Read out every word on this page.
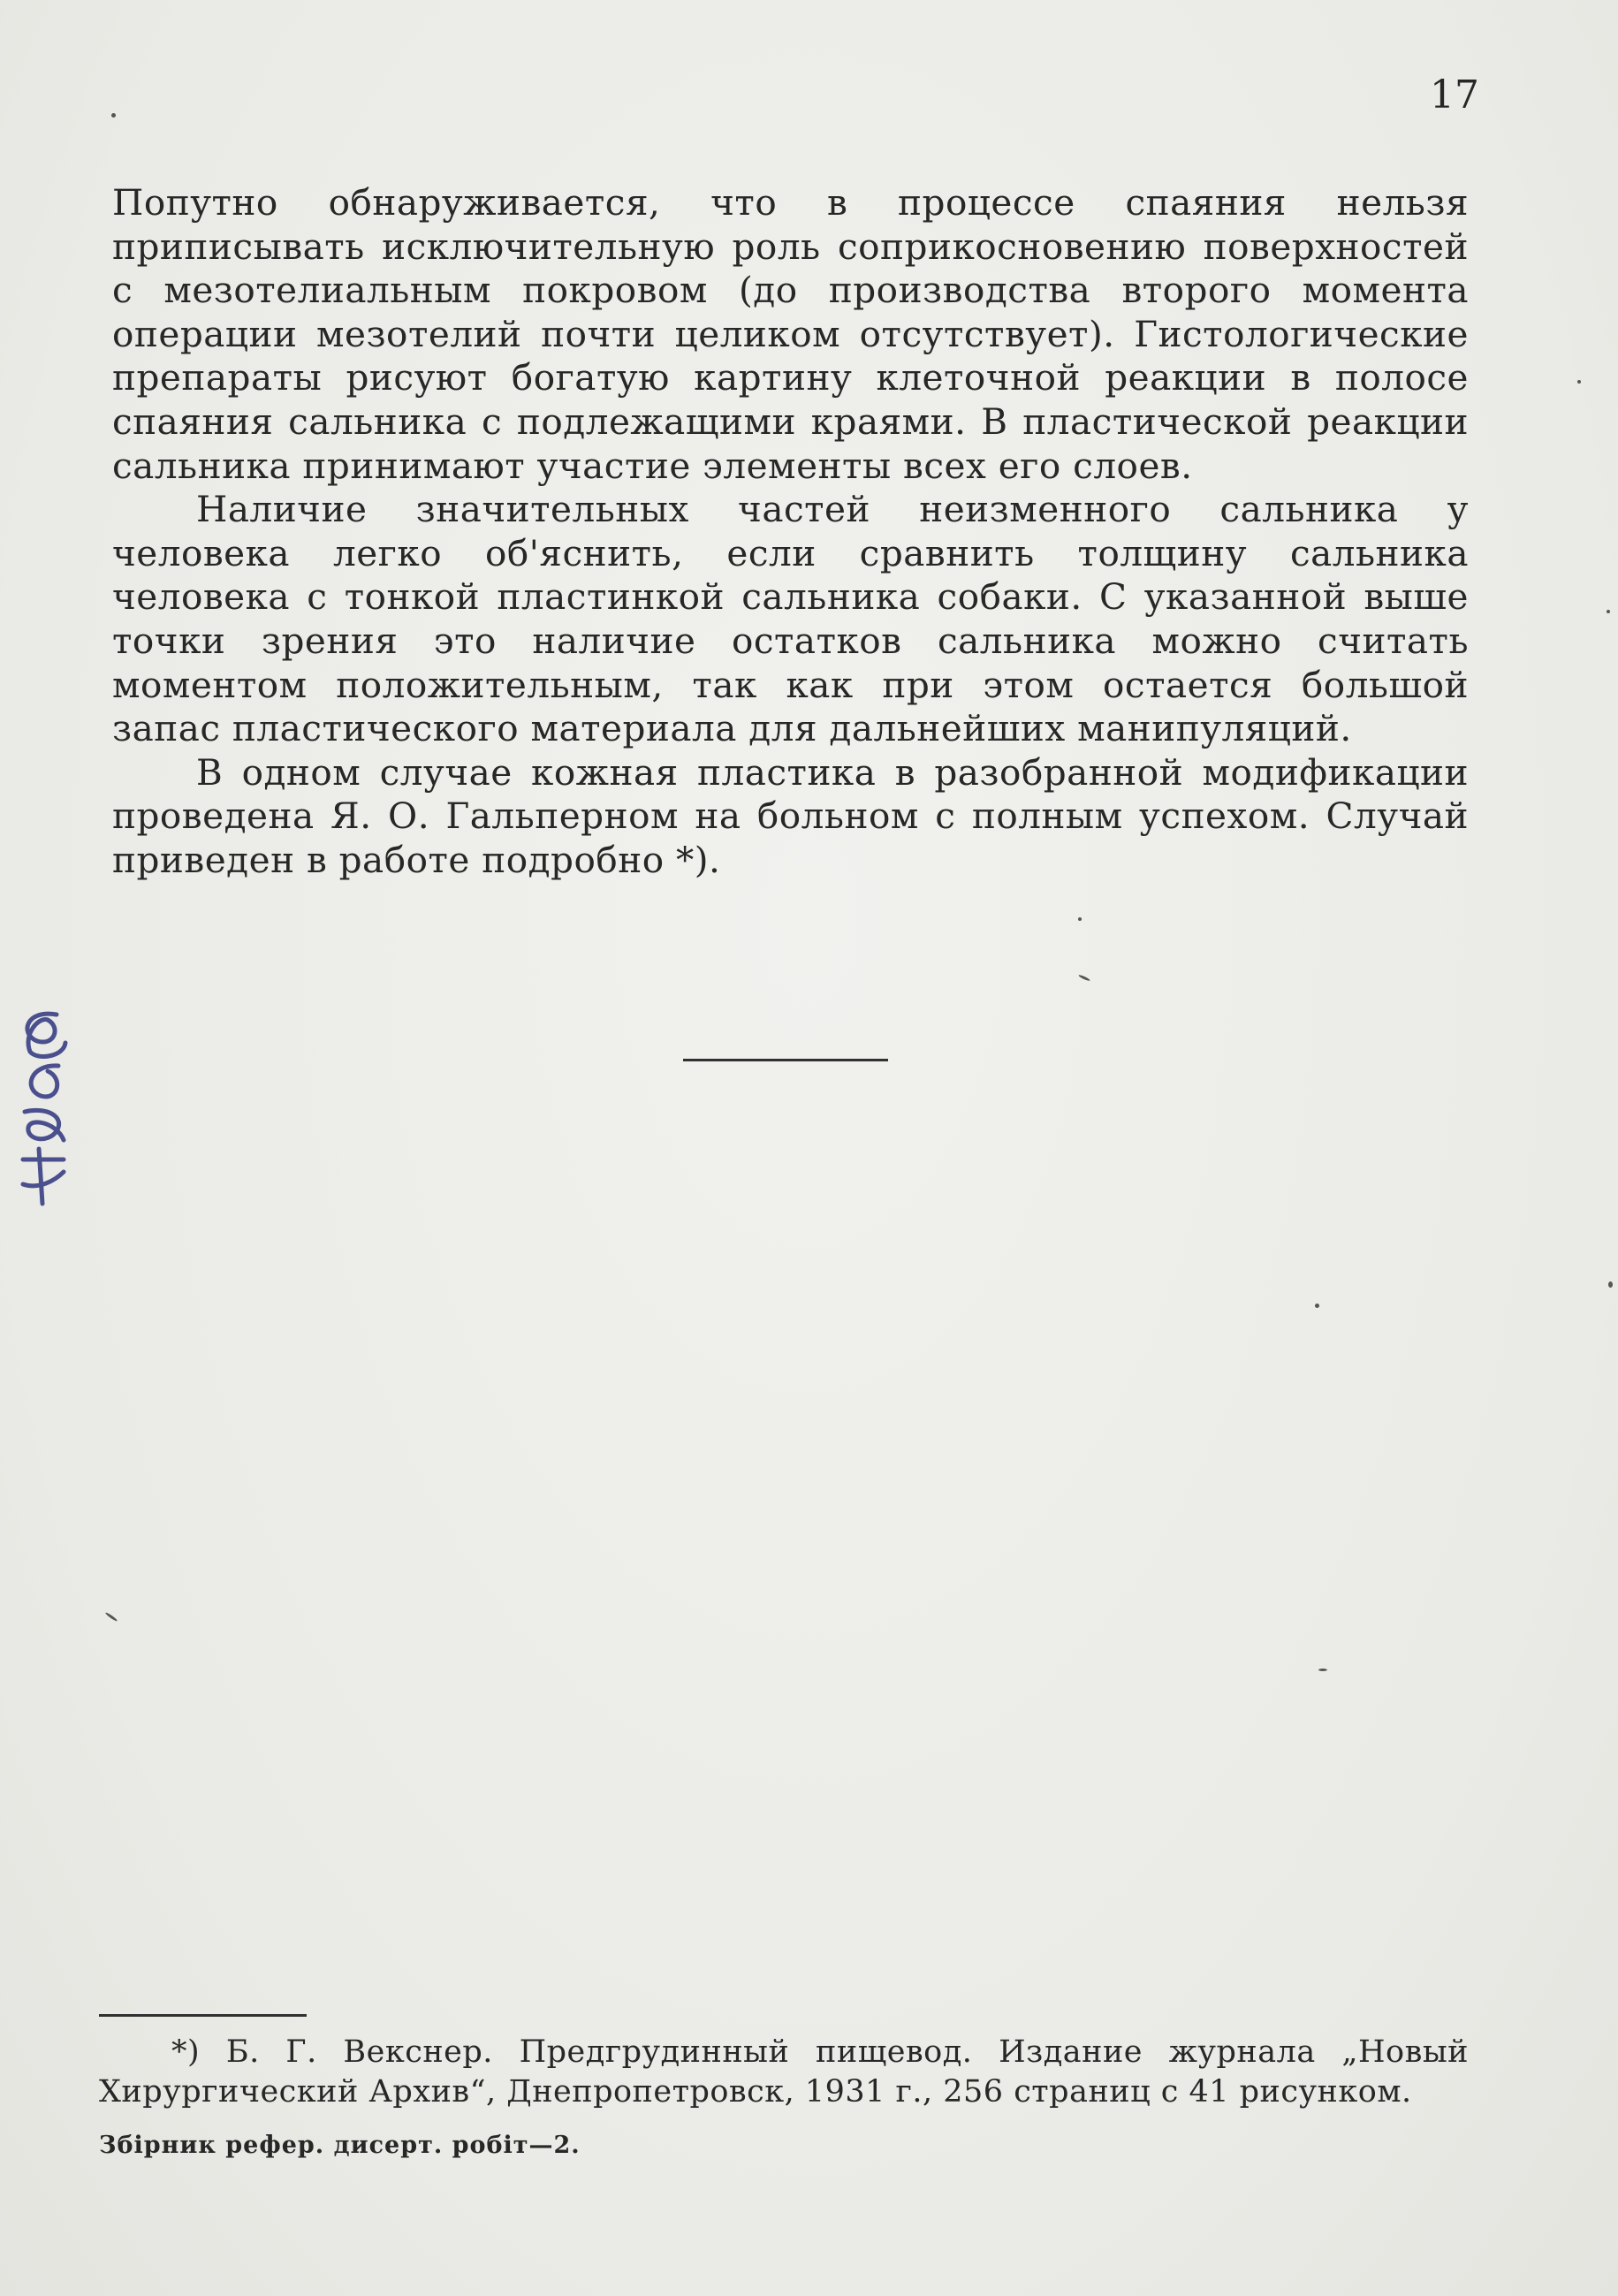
17

Попутно обнаруживается, что в процессе спаяния нельзя приписывать исключительную роль соприкосновению поверхностей с мезотелиальным покровом (до производства второго момента операции мезотелий почти целиком отсутствует). Гистологические препараты рисуют богатую картину клеточной реакции в полосе спаяния сальника с подлежащими краями. В пластической реакции сальника принимают участие элементы всех его слоев.

Наличие значительных частей неизменного сальника у человека легко об'яснить, если сравнить толщину сальника человека с тонкой пластинкой сальника собаки. С указанной выше точки зрения это наличие остатков сальника можно считать моментом положительным, так как при этом остается большой запас пластического материала для дальнейших манипуляций.

В одном случае кожная пластика в разобранной модификации проведена Я. О. Гальперном на больном с полным успехом. Случай приведен в работе подробно *).

*) Б. Г. Векснер. Предгрудинный пищевод. Издание журнала „Новый Хирургический Архив“, Днепропетровск, 1931 г., 256 страниц с 41 рисунком.
Збірник рефер. дисерт. робіт—2.
